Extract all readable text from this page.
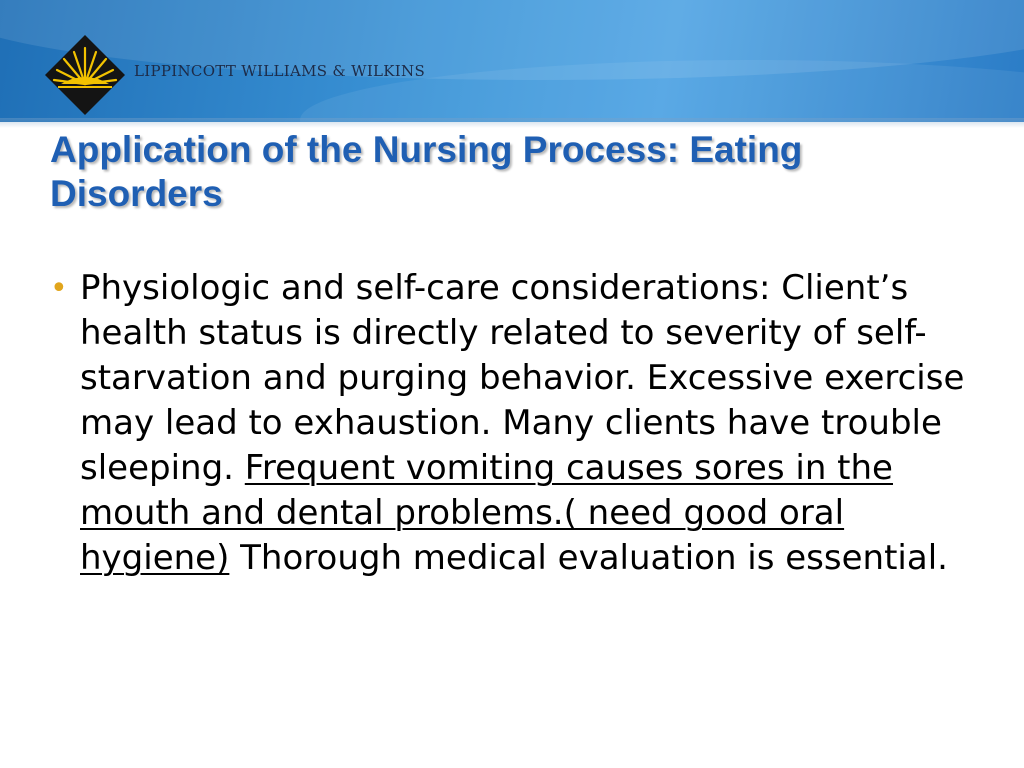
LIPPINCOTT WILLIAMS & WILKINS
Application of the Nursing Process: Eating
Disorders
• Physiologic and self-care considerations: Client’s health status is directly related to severity of self-starvation and purging behavior. Excessive exercise may lead to exhaustion. Many clients have trouble sleeping. Frequent vomiting causes sores in the mouth and dental problems.( need good oral hygiene) Thorough medical evaluation is essential.
